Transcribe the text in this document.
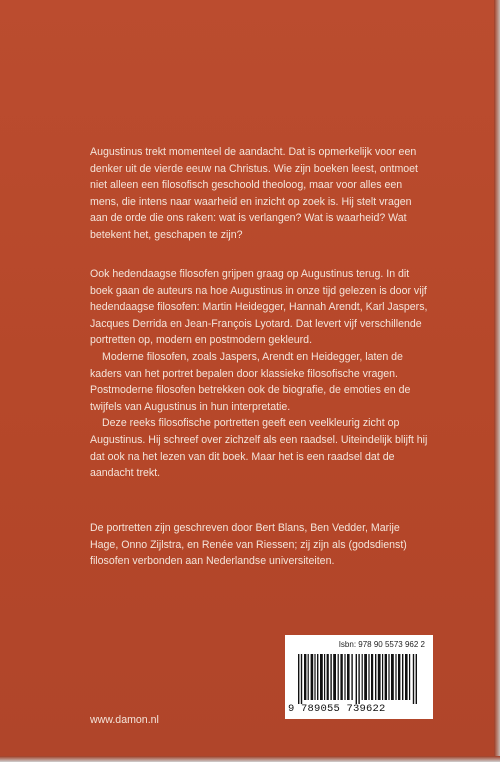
Augustinus trekt momenteel de aandacht. Dat is opmerkelijk voor een denker uit de vierde eeuw na Christus. Wie zijn boeken leest, ontmoet niet alleen een filosofisch geschoold theoloog, maar voor alles een mens, die intens naar waarheid en inzicht op zoek is. Hij stelt vragen aan de orde die ons raken: wat is verlangen? Wat is waarheid? Wat betekent het, geschapen te zijn?

Ook hedendaagse filosofen grijpen graag op Augustinus terug. In dit boek gaan de auteurs na hoe Augustinus in onze tijd gelezen is door vijf hedendaagse filosofen: Martin Heidegger, Hannah Arendt, Karl Jaspers, Jacques Derrida en Jean-François Lyotard. Dat levert vijf verschillende portretten op, modern en postmodern gekleurd.

Moderne filosofen, zoals Jaspers, Arendt en Heidegger, laten de kaders van het portret bepalen door klassieke filosofische vragen. Postmoderne filosofen betrekken ook de biografie, de emoties en de twijfels van Augustinus in hun interpretatie.

Deze reeks filosofische portretten geeft een veelkleurig zicht op Augustinus. Hij schreef over zichzelf als een raadsel. Uiteindelijk blijft hij dat ook na het lezen van dit boek. Maar het is een raadsel dat de aandacht trekt.

De portretten zijn geschreven door Bert Blans, Ben Vedder, Marije Hage, Onno Zijlstra, en Renée van Riessen; zij zijn als (godsdienst) filosofen verbonden aan Nederlandse universiteiten.

www.damon.nl
Isbn: 978 90 5573 962 2
9 789055 739622
